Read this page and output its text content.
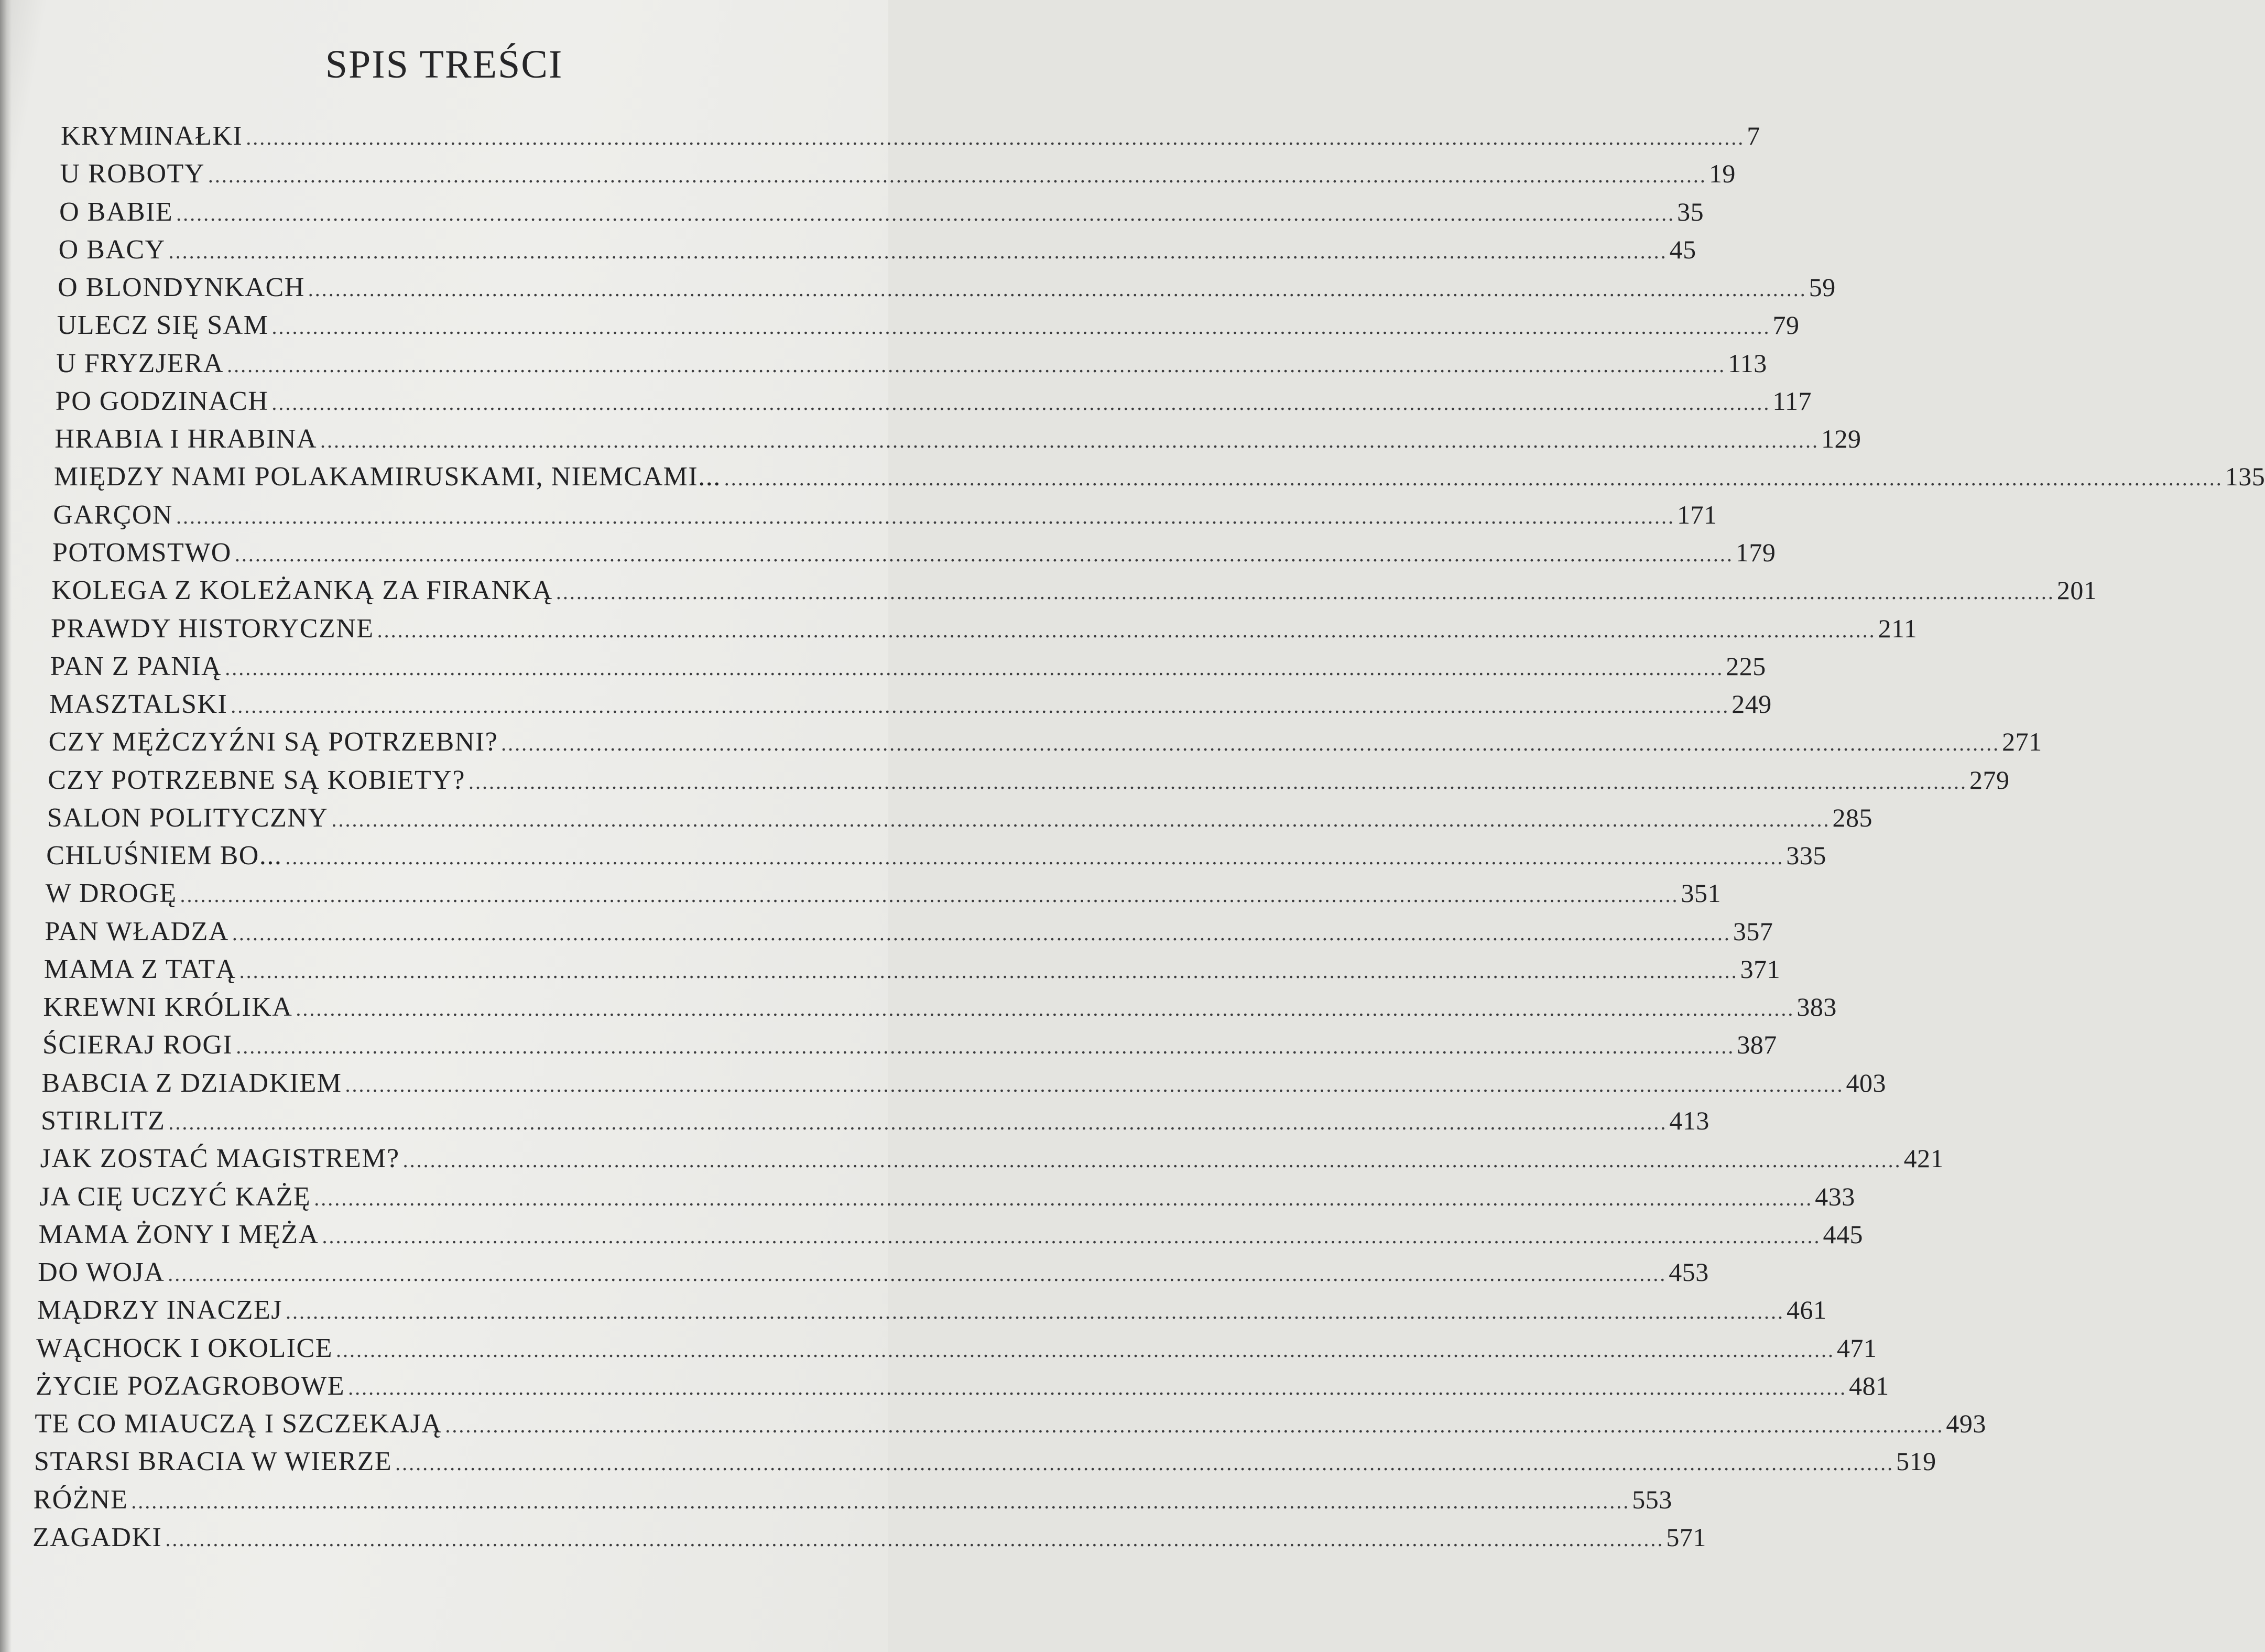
SPIS TREŚCI
KRYMINAŁKI ............................................................................................................................................................................................................................ 7
U ROBOTY ............................................................................................................................................................................................................................ 19
O BABIE ............................................................................................................................................................................................................................ 35
O BACY ............................................................................................................................................................................................................................ 45
O BLONDYNKACH ............................................................................................................................................................................................................................ 59
ULECZ SIĘ SAM ............................................................................................................................................................................................................................ 79
U FRYZJERA ............................................................................................................................................................................................................................ 113
PO GODZINACH ............................................................................................................................................................................................................................ 117
HRABIA I HRABINA ............................................................................................................................................................................................................................ 129
MIĘDZY NAMI POLAKAMIRUSKAMI, NIEMCAMI... ............................................................................................................................................................................................................................ 135
GARÇON ............................................................................................................................................................................................................................ 171
POTOMSTWO ............................................................................................................................................................................................................................ 179
KOLEGA Z KOLEŻANKĄ ZA FIRANKĄ ............................................................................................................................................................................................................................ 201
PRAWDY HISTORYCZNE ............................................................................................................................................................................................................................ 211
PAN Z PANIĄ ............................................................................................................................................................................................................................ 225
MASZTALSKI ............................................................................................................................................................................................................................ 249
CZY MĘŻCZYŹNI SĄ POTRZEBNI? ............................................................................................................................................................................................................................ 271
CZY POTRZEBNE SĄ KOBIETY? ............................................................................................................................................................................................................................ 279
SALON POLITYCZNY ............................................................................................................................................................................................................................ 285
CHLUŚNIEM BO... ............................................................................................................................................................................................................................ 335
W DROGĘ ............................................................................................................................................................................................................................ 351
PAN WŁADZA ............................................................................................................................................................................................................................ 357
MAMA Z TATĄ ............................................................................................................................................................................................................................ 371
KREWNI KRÓLIKA ............................................................................................................................................................................................................................ 383
ŚCIERAJ ROGI ............................................................................................................................................................................................................................ 387
BABCIA Z DZIADKIEM ............................................................................................................................................................................................................................ 403
STIRLITZ ............................................................................................................................................................................................................................ 413
JAK ZOSTAĆ MAGISTREM? ............................................................................................................................................................................................................................ 421
JA CIĘ UCZYĆ KAŻĘ ............................................................................................................................................................................................................................ 433
MAMA ŻONY I MĘŻA ............................................................................................................................................................................................................................ 445
DO WOJA ............................................................................................................................................................................................................................ 453
MĄDRZY INACZEJ ............................................................................................................................................................................................................................ 461
WĄCHOCK I OKOLICE ............................................................................................................................................................................................................................ 471
ŻYCIE POZAGROBOWE ............................................................................................................................................................................................................................ 481
TE CO MIAUCZĄ I SZCZEKAJĄ ............................................................................................................................................................................................................................ 493
STARSI BRACIA W WIERZE ............................................................................................................................................................................................................................ 519
RÓŻNE ............................................................................................................................................................................................................................ 553
ZAGADKI ............................................................................................................................................................................................................................ 571
